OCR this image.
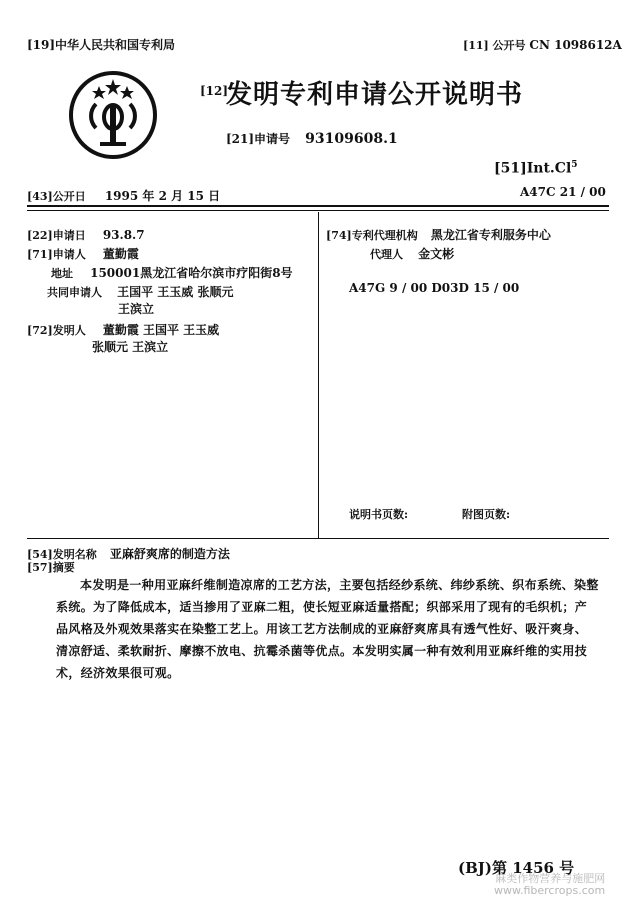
[19]中华人民共和国专利局	[11] 公开号 CN 1098612A
[12]
发明专利申请公开说明书
[21]申请号 93109608.1
[51]Int.Cl$^5$
[43]公开日 1995 年 2 月 15 日	A47C 21 / 00
[22]申请日 93.8.7
[71]申请人 董勤霞
地址 150001黑龙江省哈尔滨市疗阳街8号
共同申请人 王国平 王玉威 张顺元
王滨立
[72]发明人 董勤霞 王国平 王玉威
张顺元 王滨立
[74]专利代理机构 黑龙江省专利服务中心
代理人 金文彬
A47G 9 / 00 D03D 15 / 00
说明书页数:	附图页数:
[54]发明名称 亚麻舒爽席的制造方法
[57]摘要
本发明是一种用亚麻纤维制造凉席的工艺方法，主要包括经纱系统、纬纱系统、织布系统、染整系统。为了降低成本，适当掺用了亚麻二粗，使长短亚麻适量搭配；织部采用了现有的毛织机；产品风格及外观效果落实在染整工艺上。用该工艺方法制成的亚麻舒爽席具有透气性好、吸汗爽身、清凉舒适、柔软耐折、摩擦不放电、抗霉杀菌等优点。本发明实属一种有效利用亚麻纤维的实用技术，经济效果很可观。
(BJ)第 1456 号
麻类作物营养与施肥网
www.fibercrops.com
